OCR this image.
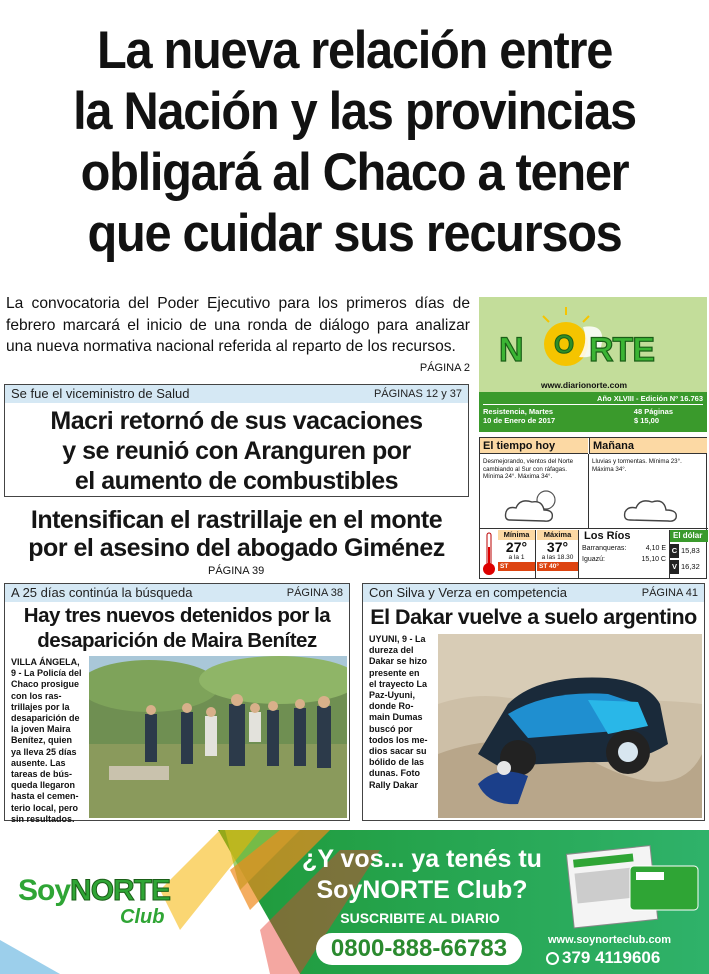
La nueva relación entre
la Nación y las provincias
obligará al Chaco a tener
que cuidar sus recursos
La convocatoria del Poder Ejecutivo para los primeros días de febrero marcará el inicio de una ronda de diálogo para analizar una nueva normativa nacional referida al reparto de los recursos.
PÁGINA 2 N RTE
O
www.diarionorte.com
Año XLVIII - Edición Nº 16.763
Resistencia, Martes	48 Páginas
10 de Enero de 2017	$ 15,00
Se fue el viceministro de Salud	PÁGINAS 12 y 37
Macri retornó de sus vacaciones
y se reunió con Aranguren por
el aumento de combustibles
Intensifican el rastrillaje en el monte
por el asesino del abogado Giménez
PÁGINA 39
El tiempo hoy	Mañana
Desmejorando, vientos del Norte cambiando al Sur con ráfagas. Mínima 24°. Máxima 34°.
Lluvias y tormentas. Mínima 23°. Máxima 34°.
Mínima
27°
a la 1
ST
Máxima
37°
a las 18.30
ST 40°
Los Ríos
Barranqueras:	4,10 E
Iguazú:	15,10 C
El dólar
C 15,83
V 16,32
A 25 días continúa la búsqueda	PÁGINA 38
Hay tres nuevos detenidos por la
desaparición de Maira Benítez
VILLA ÁNGELA,
9 - La Policía del
Chaco prosigue
con los ras-
trillajes por la
desaparición de
la joven Maira
Benítez, quien
ya lleva 25 días
ausente. Las
tareas de bús-
queda llegaron
hasta el cemen-
terio local, pero
sin resultados.
Con Silva y Verza en competencia	PÁGINA 41
El Dakar vuelve a suelo argentino
UYUNI, 9 - La
dureza del
Dakar se hizo
presente en
el trayecto La
Paz-Uyuni,
donde Ro-
main Dumas
buscó por
todos los me-
dios sacar su
bólido de las
dunas. Foto
Rally Dakar
SoyNORTE
Club
¿Y vos... ya tenés tu
SoyNORTE Club?
SUSCRIBITE AL DIARIO
0800-888-66783	www.soynorteclub.com
379 4119606
